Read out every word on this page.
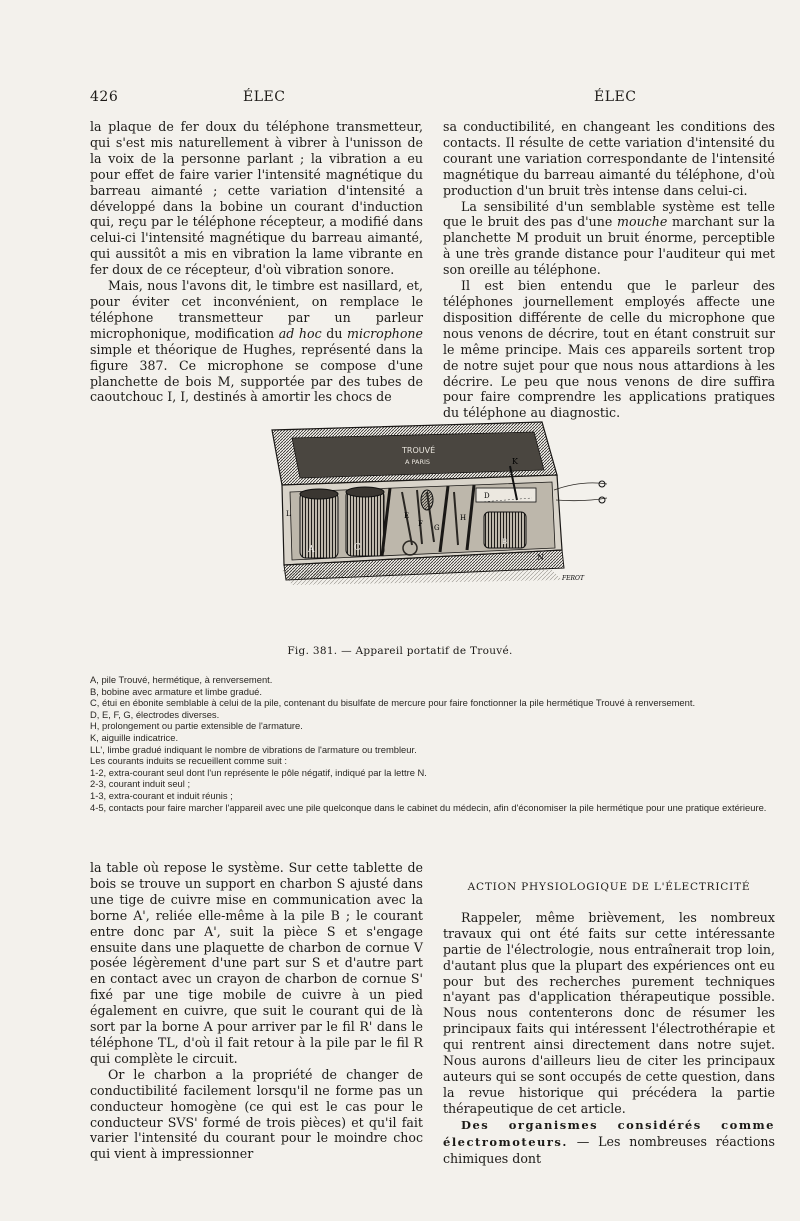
426	ÉLEC	ÉLEC

la plaque de fer doux du téléphone transmetteur, qui s'est mis naturellement à vibrer à l'unisson de la voix de la personne parlant ; la vibration a eu pour effet de faire varier l'intensité magnétique du barreau aimanté ; cette variation d'intensité a développé dans la bobine un courant d'induction qui, reçu par le téléphone récepteur, a modifié dans celui-ci l'intensité magnétique du barreau aimanté, qui aussitôt a mis en vibration la lame vibrante en fer doux de ce récepteur, d'où vibration sonore.

Mais, nous l'avons dit, le timbre est nasillard, et, pour éviter cet inconvénient, on remplace le téléphone transmetteur par un parleur microphonique, modification ad hoc du microphone simple et théorique de Hughes, représenté dans la figure 387. Ce microphone se compose d'une planchette de bois M, supportée par des tubes de caoutchouc I, I, destinés à amortir les chocs de

sa conductibilité, en changeant les conditions des contacts. Il résulte de cette variation d'intensité du courant une variation correspondante de l'intensité magnétique du barreau aimanté du téléphone, d'où production d'un bruit très intense dans celui-ci.

La sensibilité d'un semblable système est telle que le bruit des pas d'une mouche marchant sur la planchette M produit un bruit énorme, perceptible à une très grande distance pour l'auditeur qui met son oreille au téléphone.

Il est bien entendu que le parleur des téléphones journellement employés affecte une disposition différente de celle du microphone que nous venons de décrire, tout en étant construit sur le même principe. Mais ces appareils sortent trop de notre sujet pour que nous nous attardions à les décrire. Le peu que nous venons de dire suffira pour faire comprendre les applications pratiques du téléphone au diagnostic.

TROUVÉ
A PARIS
A	C
E
F G
H
B
D
K
N
L
FEROT
Fig. 381. — Appareil portatif de Trouvé.
A, pile Trouvé, hermétique, à renversement.
B, bobine avec armature et limbe gradué.
C, étui en ébonite semblable à celui de la pile, contenant du bisulfate de mercure pour faire fonctionner la pile hermétique Trouvé à renversement.
D, E, F, G, électrodes diverses.
H, prolongement ou partie extensible de l'armature.
K, aiguille indicatrice.
LL', limbe gradué indiquant le nombre de vibrations de l'armature ou trembleur.
Les courants induits se recueillent comme suit :
1-2, extra-courant seul dont l'un représente le pôle négatif, indiqué par la lettre N.
2-3, courant induit seul ;
1-3, extra-courant et induit réunis ;
4-5, contacts pour faire marcher l'appareil avec une pile quelconque dans le cabinet du médecin, afin d'économiser la pile hermétique pour une pratique extérieure.

la table où repose le système. Sur cette tablette de bois se trouve un support en charbon S ajusté dans une tige de cuivre mise en communication avec la borne A', reliée elle-même à la pile B ; le courant entre donc par A', suit la pièce S et s'engage ensuite dans une plaquette de charbon de cornue V posée légèrement d'une part sur S et d'autre part en contact avec un crayon de charbon de cornue S' fixé par une tige mobile de cuivre à un pied également en cuivre, que suit le courant qui de là sort par la borne A pour arriver par le fil R' dans le téléphone TL, d'où il fait retour à la pile par le fil R qui complète le circuit.

Or le charbon a la propriété de changer de conductibilité facilement lorsqu'il ne forme pas un conducteur homogène (ce qui est le cas pour le conducteur SVS' formé de trois pièces) et qu'il fait varier l'intensité du courant pour le moindre choc qui vient à impressionner

ACTION PHYSIOLOGIQUE DE L'ÉLECTRICITÉ

Rappeler, même brièvement, les nombreux travaux qui ont été faits sur cette intéressante partie de l'électrologie, nous entraînerait trop loin, d'autant plus que la plupart des expériences ont eu pour but des recherches purement techniques n'ayant pas d'application thérapeutique possible. Nous nous contenterons donc de résumer les principaux faits qui intéressent l'électrothérapie et qui rentrent ainsi directement dans notre sujet. Nous aurons d'ailleurs lieu de citer les principaux auteurs qui se sont occupés de cette question, dans la revue historique qui précédera la partie thérapeutique de cet article.

Des organismes considérés comme électromoteurs. — Les nombreuses réactions chimiques dont
